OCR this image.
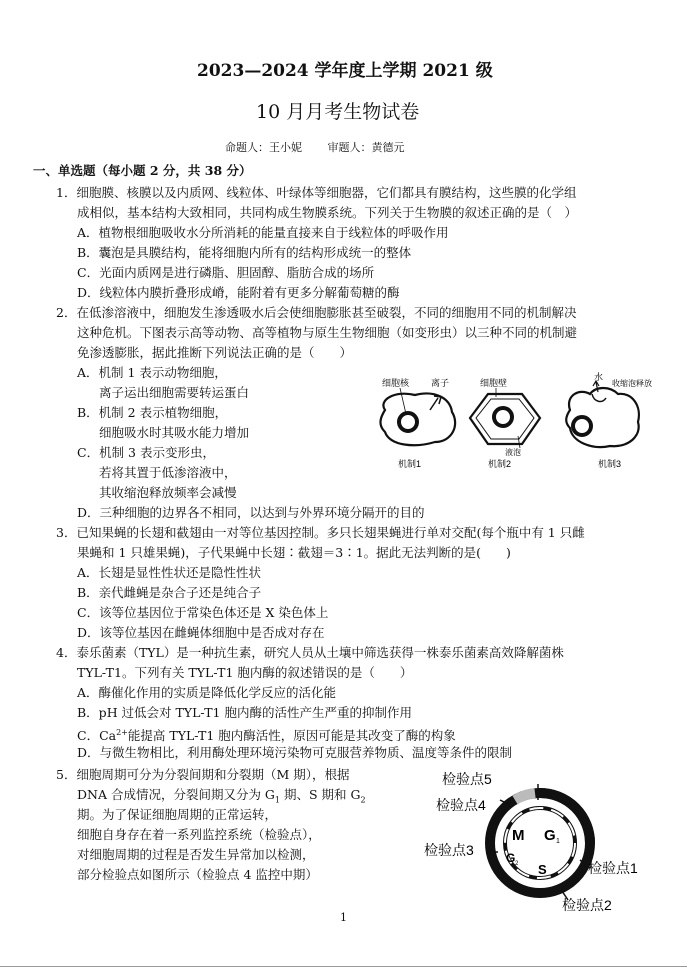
2023—2024 学年度上学期 2021 级
10 月月考生物试卷
命题人：王小妮 　　审题人：黄德元
一、单选题（每小题 2 分，共 38 分）
1．细胞膜、核膜以及内质网、线粒体、叶绿体等细胞器，它们都具有膜结构，这些膜的化学组
成相似，基本结构大致相同，共同构成生物膜系统。下列关于生物膜的叙述正确的是（　）
A．植物根细胞吸收水分所消耗的能量直接来自于线粒体的呼吸作用
B．囊泡是具膜结构，能将细胞内所有的结构形成统一的整体
C．光面内质网是进行磷脂、胆固醇、脂肪合成的场所
D．线粒体内膜折叠形成嵴，能附着有更多分解葡萄糖的酶
2．在低渗溶液中，细胞发生渗透吸水后会使细胞膨胀甚至破裂，不同的细胞用不同的机制解决
这种危机。下图表示高等动物、高等植物与原生生物细胞（如变形虫）以三种不同的机制避
免渗透膨胀，据此推断下列说法正确的是（　　）
A．机制 1 表示动物细胞，
离子运出细胞需要转运蛋白
B．机制 2 表示植物细胞，
细胞吸水时其吸水能力增加
C．机制 3 表示变形虫，
若将其置于低渗溶液中，
其收缩泡释放频率会减慢
D．三种细胞的边界各不相同，以达到与外界环境分隔开的目的
细胞核 离子
机制1
细胞壁
液泡
机制2
水
收缩泡释放
机制3
3．已知果蝇的长翅和截翅由一对等位基因控制。多只长翅果蝇进行单对交配(每个瓶中有 1 只雌
果蝇和 1 只雄果蝇)，子代果蝇中长翅∶截翅＝3∶1。据此无法判断的是(　　)
A．长翅是显性性状还是隐性性状
B．亲代雌蝇是杂合子还是纯合子
C．该等位基因位于常染色体还是 X 染色体上
D．该等位基因在雌蝇体细胞中是否成对存在
4．泰乐菌素（TYL）是一种抗生素，研究人员从土壤中筛选获得一株泰乐菌素高效降解菌株
TYL-T1。下列有关 TYL-T1 胞内酶的叙述错误的是（　　）
A．酶催化作用的实质是降低化学反应的活化能
B．pH 过低会对 TYL-T1 胞内酶的活性产生严重的抑制作用
C．$Ca^{2+}$能提高 TYL-T1 胞内酶活性，原因可能是其改变了酶的构象
D．与微生物相比，利用酶处理环境污染物可克服营养物质、温度等条件的限制
5．细胞周期可分为分裂间期和分裂期（M 期），根据
DNA 合成情况，分裂间期又分为 $G_1$ 期、S 期和 $G_2$
期。为了保证细胞周期的正常运转，
细胞自身存在着一系列监控系统（检验点），
对细胞周期的过程是否发生异常加以检测，
部分检验点如图所示（检验点 4 监控中期）
M G 1
G 2 S
检验点5
检验点4
检验点3
检验点1
检验点2
1
